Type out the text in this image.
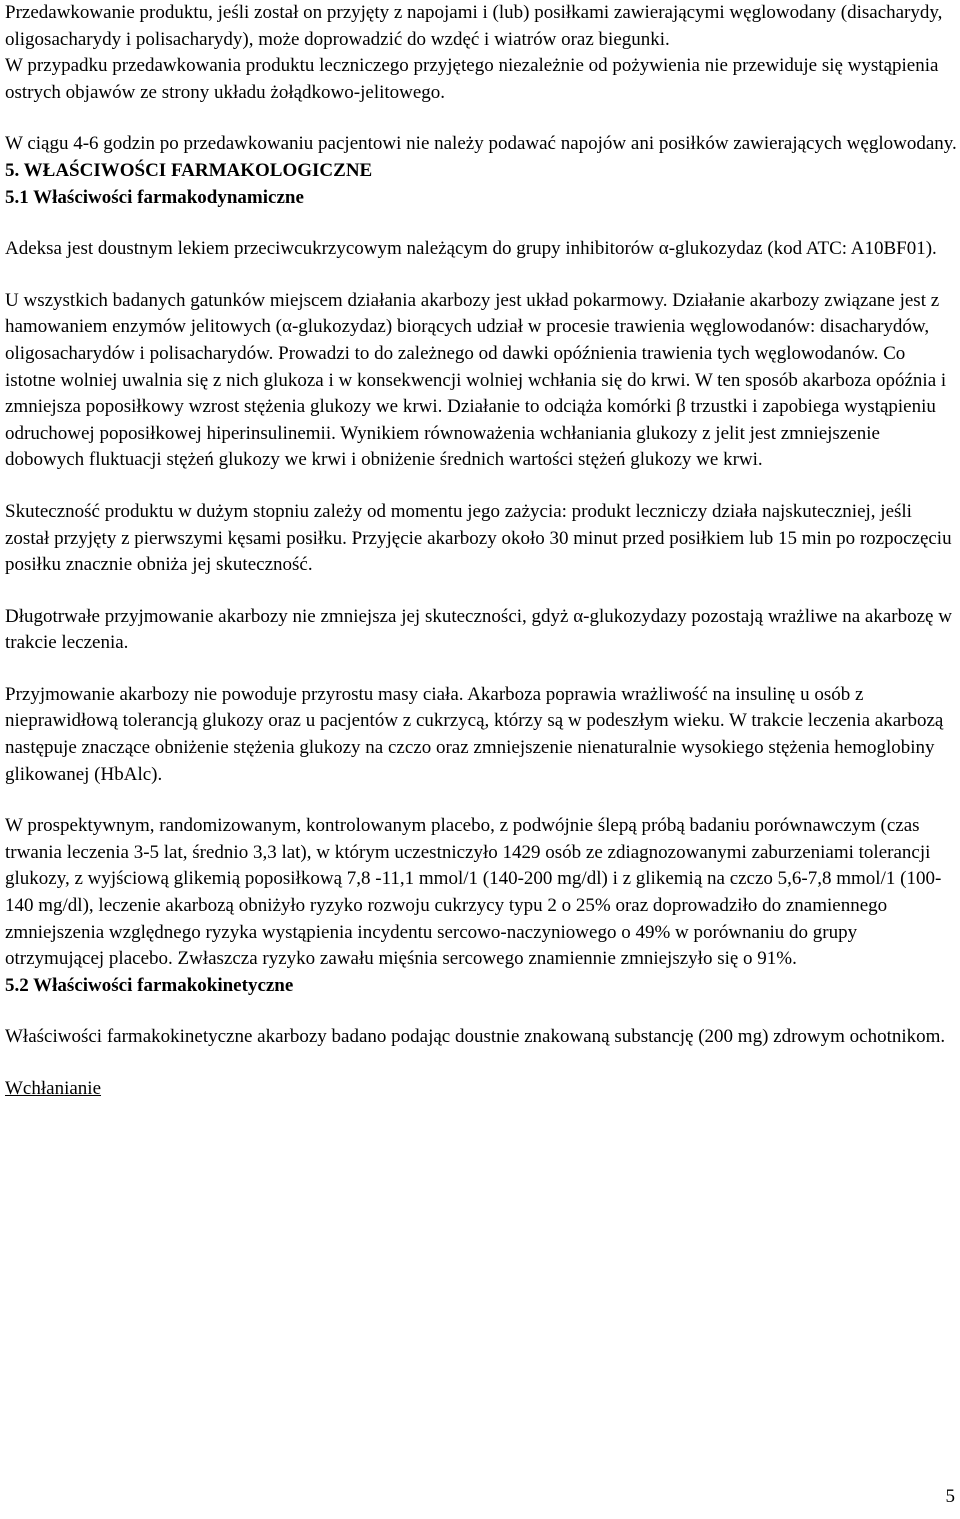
Przedawkowanie produktu, jeśli został on przyjęty z napojami i (lub) posiłkami zawierającymi węglowodany (disacharydy, oligosacharydy i polisacharydy), może doprowadzić do wzdęć i wiatrów oraz biegunki.

W przypadku przedawkowania produktu leczniczego przyjętego niezależnie od pożywienia nie przewiduje się wystąpienia ostrych objawów ze strony układu żołądkowo-jelitowego.

W ciągu 4-6 godzin po przedawkowaniu pacjentowi nie należy podawać napojów ani posiłków zawierających węglowodany.

5. WŁAŚCIWOŚCI FARMAKOLOGICZNE

5.1 Właściwości farmakodynamiczne

Adeksa jest doustnym lekiem przeciwcukrzycowym należącym do grupy inhibitorów α-glukozydaz (kod ATC: A10BF01).

U wszystkich badanych gatunków miejscem działania akarbozy jest układ pokarmowy. Działanie akarbozy związane jest z hamowaniem enzymów jelitowych (α-glukozydaz) biorących udział w procesie trawienia węglowodanów: disacharydów, oligosacharydów i polisacharydów. Prowadzi to do zależnego od dawki opóźnienia trawienia tych węglowodanów. Co istotne wolniej uwalnia się z nich glukoza i w konsekwencji wolniej wchłania się do krwi. W ten sposób akarboza opóźnia i zmniejsza poposiłkowy wzrost stężenia glukozy we krwi. Działanie to odciąża komórki β trzustki i zapobiega wystąpieniu odruchowej poposiłkowej hiperinsulinemii. Wynikiem równoważenia wchłaniania glukozy z jelit jest zmniejszenie dobowych fluktuacji stężeń glukozy we krwi i obniżenie średnich wartości stężeń glukozy we krwi.

Skuteczność produktu w dużym stopniu zależy od momentu jego zażycia: produkt leczniczy działa najskuteczniej, jeśli został przyjęty z pierwszymi kęsami posiłku. Przyjęcie akarbozy około 30 minut przed posiłkiem lub 15 min po rozpoczęciu posiłku znacznie obniża jej skuteczność.

Długotrwałe przyjmowanie akarbozy nie zmniejsza jej skuteczności, gdyż α-glukozydazy pozostają wrażliwe na akarbozę w trakcie leczenia.

Przyjmowanie akarbozy nie powoduje przyrostu masy ciała. Akarboza poprawia wrażliwość na insulinę u osób z nieprawidłową tolerancją glukozy oraz u pacjentów z cukrzycą, którzy są w podeszłym wieku. W trakcie leczenia akarbozą następuje znaczące obniżenie stężenia glukozy na czczo oraz zmniejszenie nienaturalnie wysokiego stężenia hemoglobiny glikowanej (HbAlc).

W prospektywnym, randomizowanym, kontrolowanym placebo, z podwójnie ślepą próbą badaniu porównawczym (czas trwania leczenia 3-5 lat, średnio 3,3 lat), w którym uczestniczyło 1429 osób ze zdiagnozowanymi zaburzeniami tolerancji glukozy, z wyjściową glikemią poposiłkową 7,8 -11,1 mmol/1 (140-200 mg/dl) i z glikemią na czczo 5,6-7,8 mmol/1 (100-140 mg/dl), leczenie akarbozą obniżyło ryzyko rozwoju cukrzycy typu 2 o 25% oraz doprowadziło do znamiennego zmniejszenia względnego ryzyka wystąpienia incydentu sercowo-naczyniowego o 49% w porównaniu do grupy otrzymującej placebo. Zwłaszcza ryzyko zawału mięśnia sercowego znamiennie zmniejszyło się o 91%.

5.2 Właściwości farmakokinetyczne

Właściwości farmakokinetyczne akarbozy badano podając doustnie znakowaną substancję (200 mg) zdrowym ochotnikom.

Wchłanianie

5
